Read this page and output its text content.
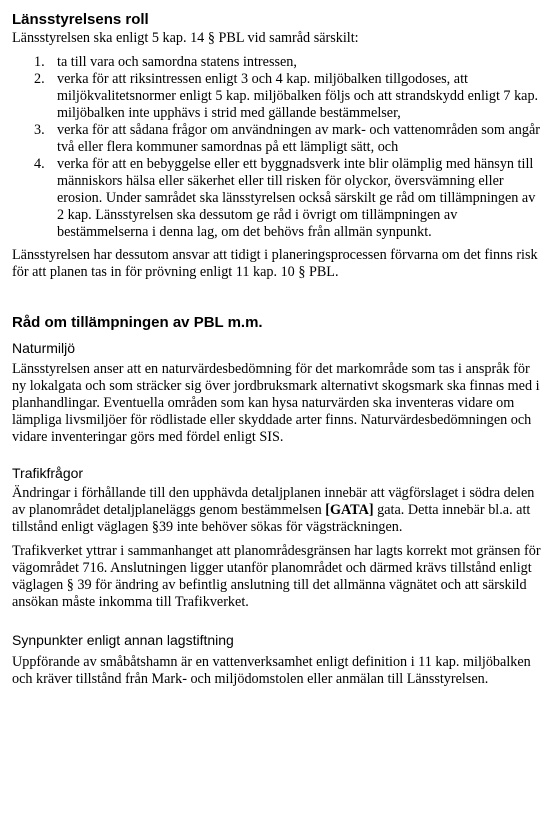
Länsstyrelsens roll

Länsstyrelsen ska enligt 5 kap. 14 § PBL vid samråd särskilt:

1. ta till vara och samordna statens intressen,
2. verka för att riksintressen enligt 3 och 4 kap. miljöbalken tillgodoses, att miljökvalitetsnormer enligt 5 kap. miljöbalken följs och att strandskydd enligt 7 kap. miljöbalken inte upphävs i strid med gällande bestämmelser,
3. verka för att sådana frågor om användningen av mark- och vattenområden som angår två eller flera kommuner samordnas på ett lämpligt sätt, och
4. verka för att en bebyggelse eller ett byggnadsverk inte blir olämplig med hänsyn till människors hälsa eller säkerhet eller till risken för olyckor, översvämning eller erosion. Under samrådet ska länsstyrelsen också särskilt ge råd om tillämpningen av 2 kap. Länsstyrelsen ska dessutom ge råd i övrigt om tillämpningen av bestämmelserna i denna lag, om det behövs från allmän synpunkt.

Länsstyrelsen har dessutom ansvar att tidigt i planeringsprocessen förvarna om det finns risk för att planen tas in för prövning enligt 11 kap. 10 § PBL.

Råd om tillämpningen av PBL m.m.
Naturmiljö

Länsstyrelsen anser att en naturvärdesbedömning för det markområde som tas i anspråk för ny lokalgata och som sträcker sig över jordbruksmark alternativt skogsmark ska finnas med i planhandlingar. Eventuella områden som kan hysa naturvärden ska inventeras vidare om lämpliga livsmiljöer för rödlistade eller skyddade arter finns. Naturvärdesbedömningen och vidare inventeringar görs med fördel enligt SIS.

Trafikfrågor

Ändringar i förhållande till den upphävda detaljplanen innebär att vägförslaget i södra delen av planområdet detaljplaneläggs genom bestämmelsen [GATA] gata. Detta innebär bl.a. att tillstånd enligt väglagen §39 inte behöver sökas för vägsträckningen.

Trafikverket yttrar i sammanhanget att planområdesgränsen har lagts korrekt mot gränsen för vägområdet 716. Anslutningen ligger utanför planområdet och därmed krävs tillstånd enligt väglagen § 39 för ändring av befintlig anslutning till det allmänna vägnätet och att särskild ansökan måste inkomma till Trafikverket.

Synpunkter enligt annan lagstiftning

Uppförande av småbåtshamn är en vattenverksamhet enligt definition i 11 kap. miljöbalken och kräver tillstånd från Mark- och miljödomstolen eller anmälan till Länsstyrelsen.
